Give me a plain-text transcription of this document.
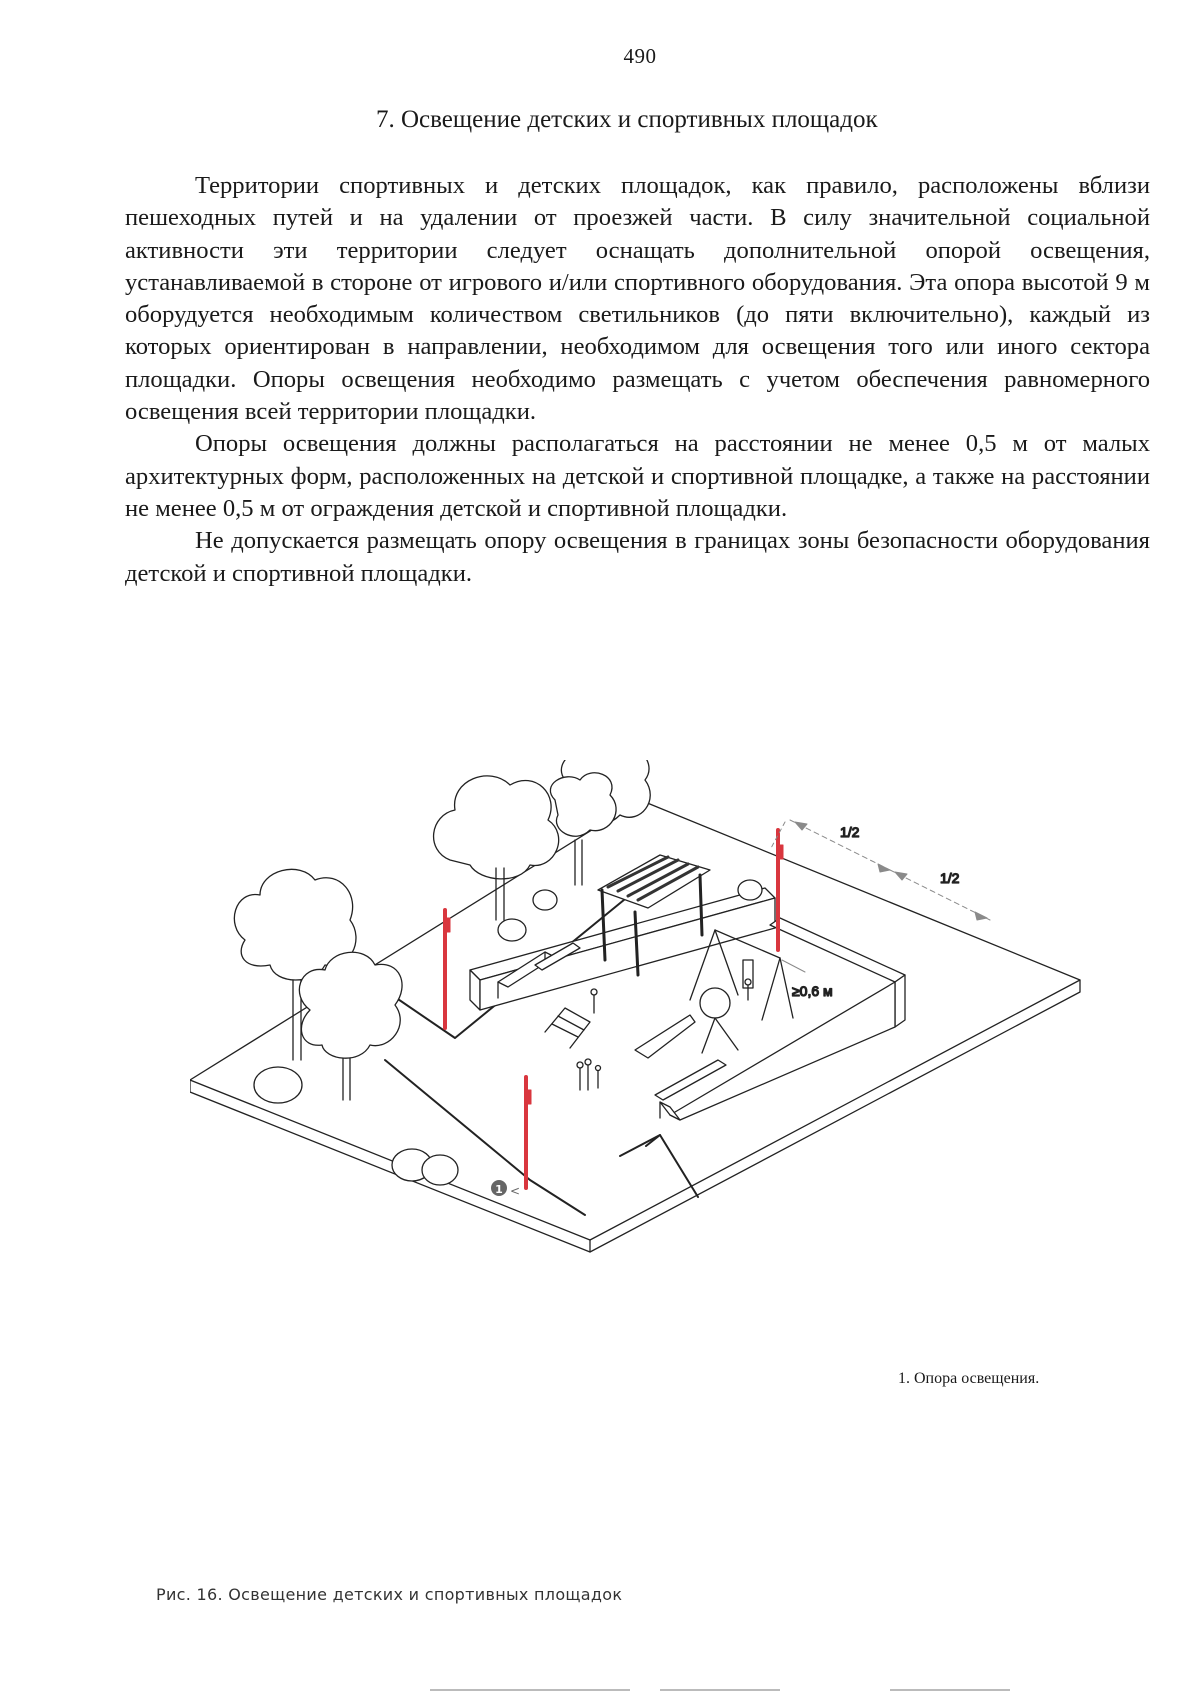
490
7. Освещение детских и спортивных площадок

Территории спортивных и детских площадок, как правило, расположены вблизи пешеходных путей и на удалении от проезжей части. В силу значительной социальной активности эти территории следует оснащать дополнительной опорой освещения, устанавливаемой в стороне от игрового и/или спортивного оборудования. Эта опора высотой 9 м оборудуется необходимым количеством светильников (до пяти включительно), каждый из которых ориентирован в направлении, необходимом для освещения того или иного сектора площадки. Опоры освещения необходимо размещать с учетом обеспечения равномерного освещения всей территории площадки.

Опоры освещения должны располагаться на расстоянии не менее 0,5 м от малых архитектурных форм, расположенных на детской и спортивной площадке, а также на расстоянии не менее 0,5 м от ограждения детской и спортивной площадки.

Не допускается размещать опору освещения в границах зоны безопасности оборудования детской и спортивной площадки.

1/2
1/2
≥0,6 м
1 <
1. Опора освещения.
Рис. 16. Освещение детских и спортивных площадок
